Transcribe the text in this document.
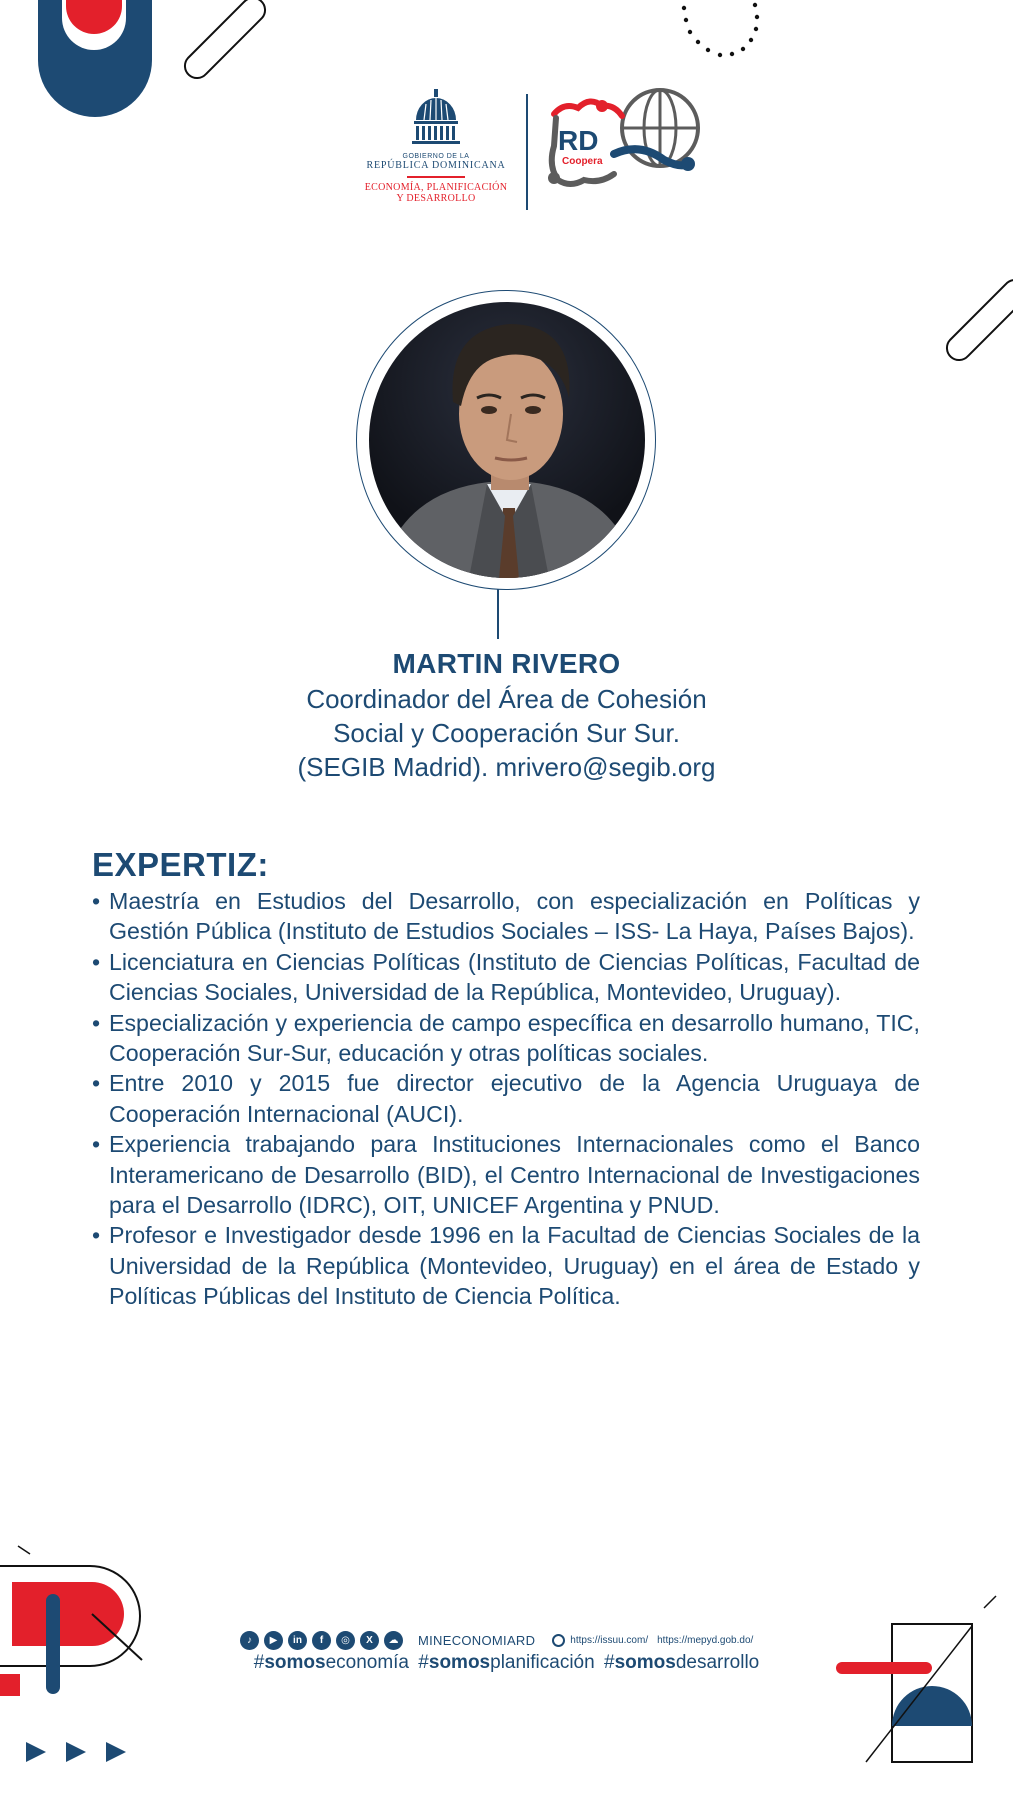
GOBIERNO DE LA
REPÚBLICA DOMINICANA
ECONOMÍA, PLANIFICACIÓN
Y DESARROLLO
RD
Coopera
MARTIN RIVERO
Coordinador del Área de Cohesión
Social y Cooperación Sur Sur.
(SEGIB Madrid). mrivero@segib.org
EXPERTIZ:
• Maestría en Estudios del Desarrollo, con especialización en Políticas y Gestión Pública (Instituto de Estudios Sociales – ISS- La Haya, Países Bajos).
• Licenciatura en Ciencias Políticas (Instituto de Ciencias Políticas, Facultad de Ciencias Sociales, Universidad de la República, Montevideo, Uruguay).
• Especialización y experiencia de campo específica en desarrollo humano, TIC, Cooperación Sur-Sur, educación y otras políticas sociales.
• Entre 2010 y 2015 fue director ejecutivo de la Agencia Uruguaya de Cooperación Internacional (AUCI).
• Experiencia trabajando para Instituciones Internacionales como el Banco Interamericano de Desarrollo (BID), el Centro Internacional de Investigaciones para el Desarrollo (IDRC), OIT, UNICEF Argentina y PNUD.
• Profesor e Investigador desde 1996 en la Facultad de Ciencias Sociales de la Universidad de la República (Montevideo, Uruguay) en el área de Estado y Políticas Públicas del Instituto de Ciencia Política.
♪	▶	in	f	◎	X	☁	MINECONOMIARD	https://issuu.com/ https://mepyd.gob.do/
#somoseconomía #somosplanificación #somosdesarrollo
